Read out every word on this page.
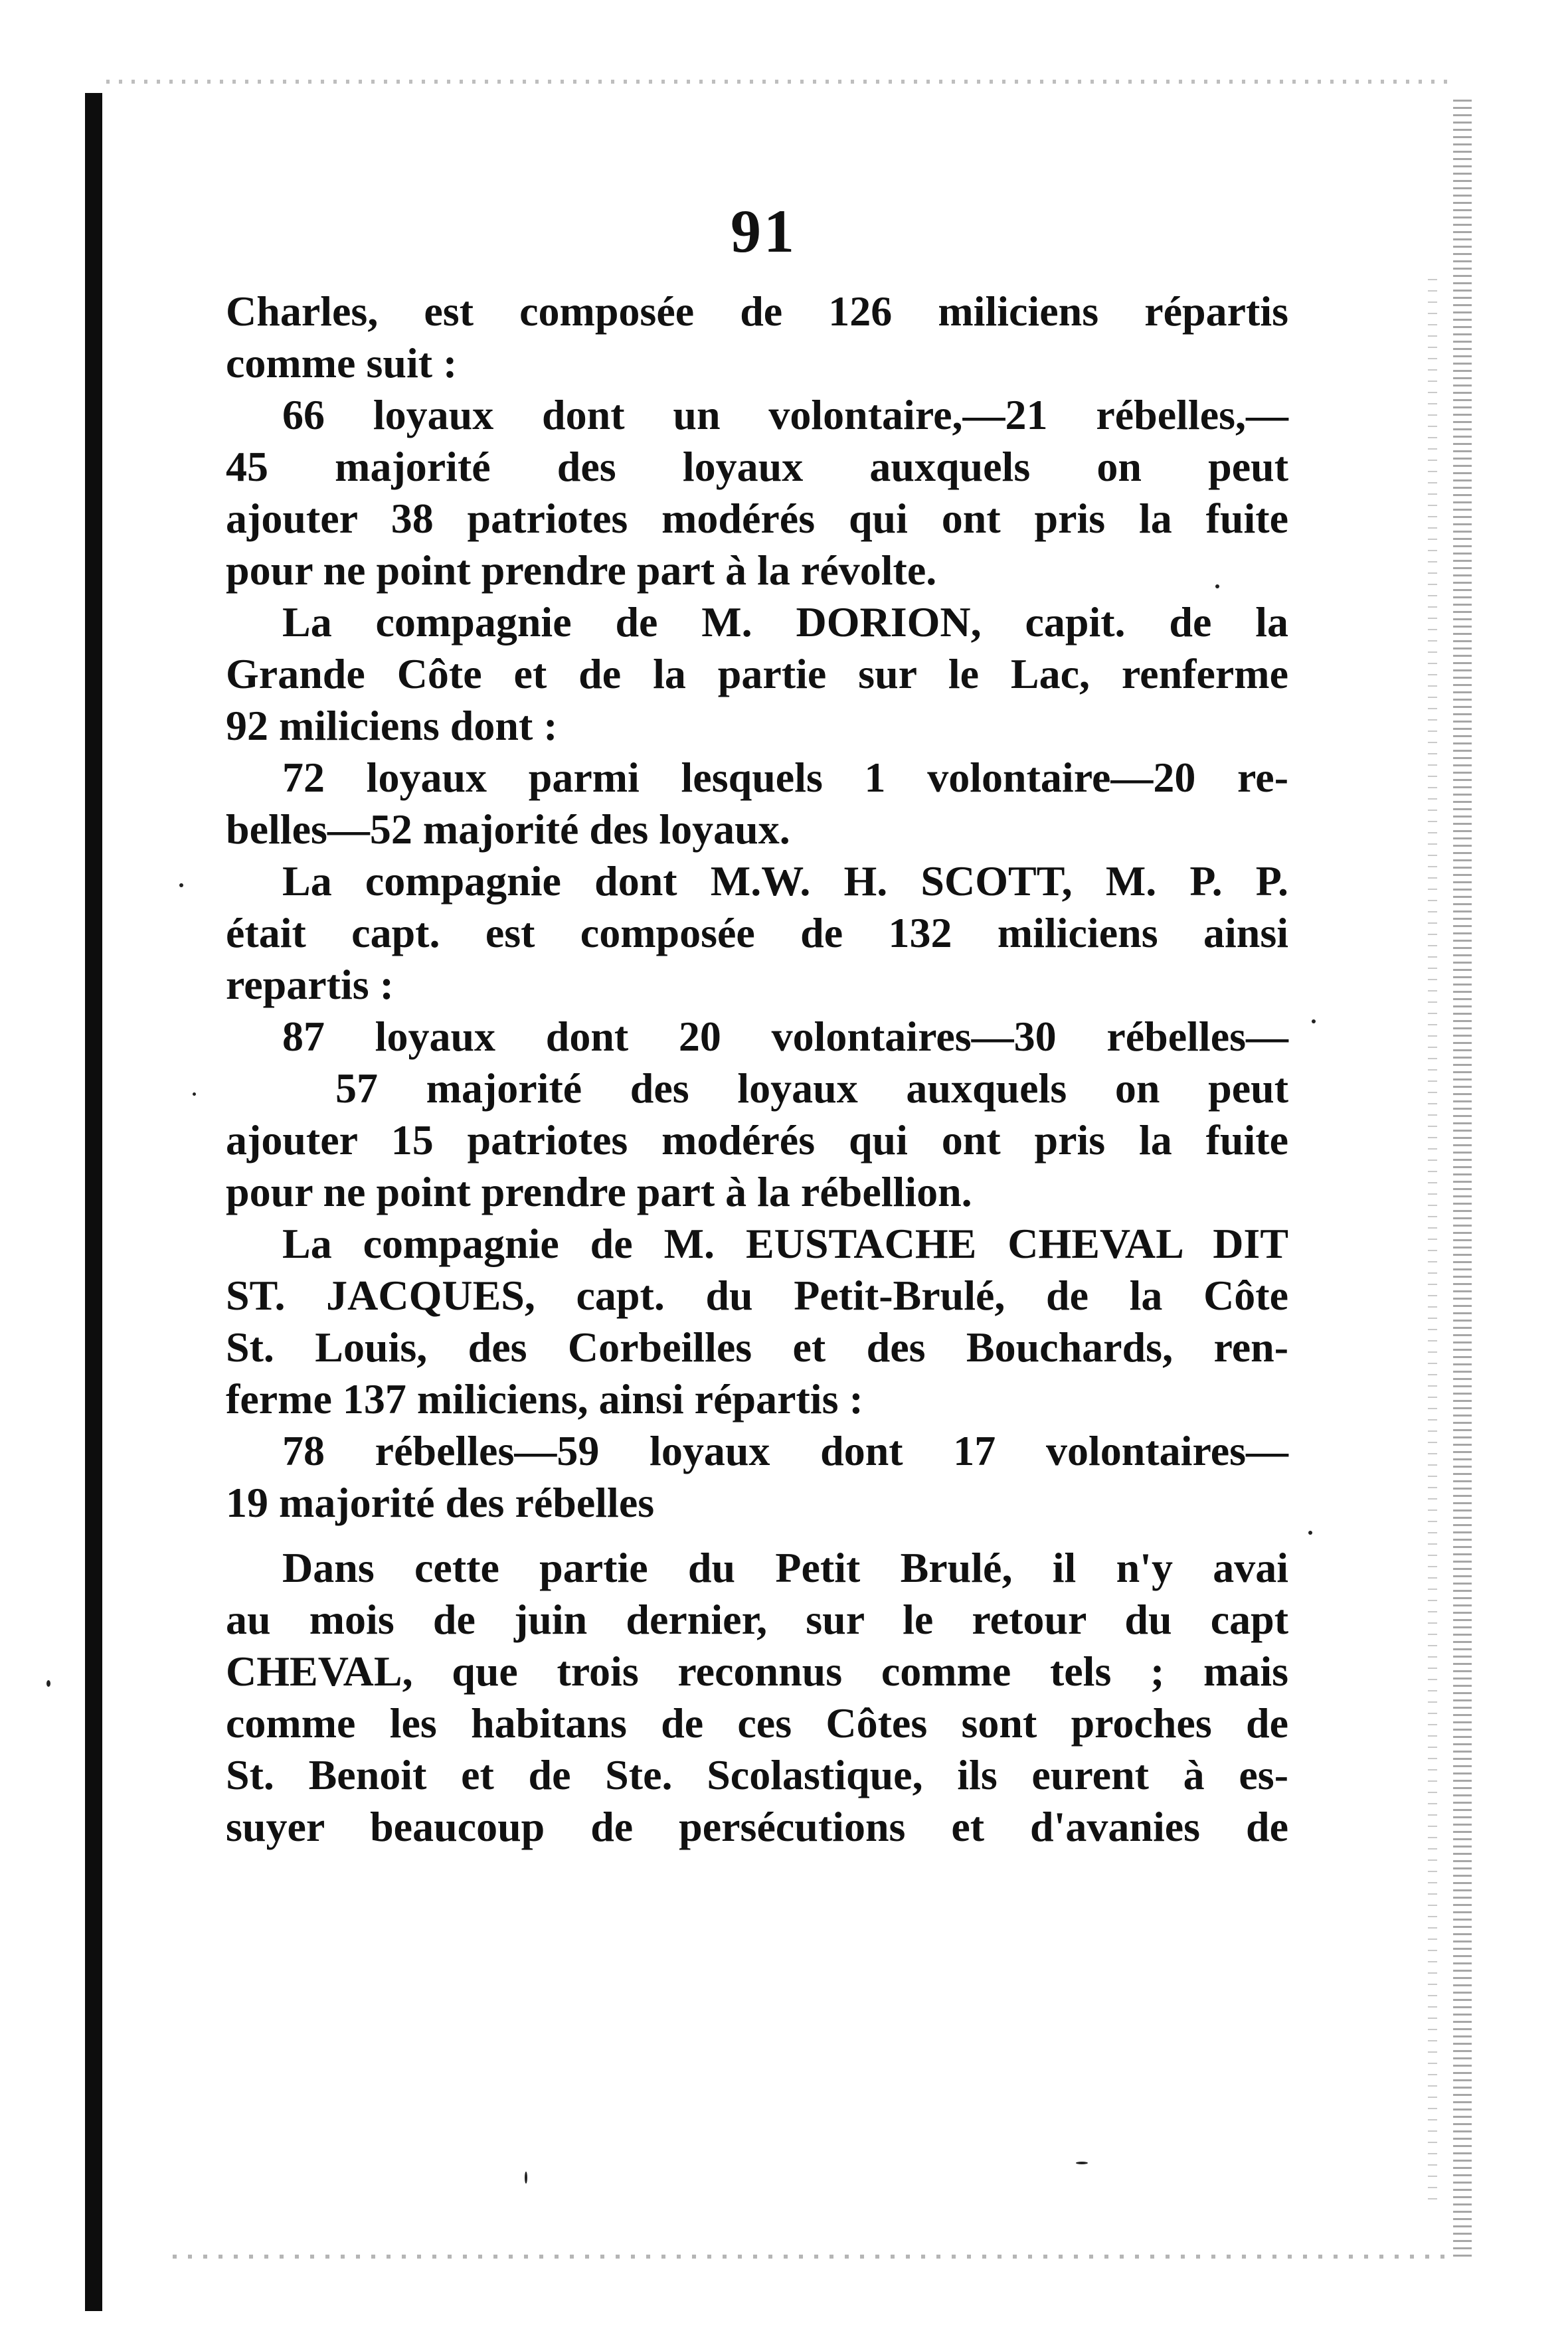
91
Charles, est composée de 126 miliciens répartis
comme suit :
66 loyaux dont un volontaire,—21 rébelles,—
45 majorité des loyaux auxquels on peut
ajouter 38 patriotes modérés qui ont pris la fuite
pour ne point prendre part à la révolte.
La compagnie de M. DORION, capit. de la
Grande Côte et de la partie sur le Lac, renferme
92 miliciens dont :
72 loyaux parmi lesquels 1 volontaire—20 re-
belles—52 majorité des loyaux.
La compagnie dont M.W. H. SCOTT, M. P. P.
était capt. est composée de 132 miliciens ainsi
repartis :
87 loyaux dont 20 volontaires—30 rébelles—
57 majorité des loyaux auxquels on peut
ajouter 15 patriotes modérés qui ont pris la fuite
pour ne point prendre part à la rébellion.
La compagnie de M. EUSTACHE CHEVAL DIT
ST. JACQUES, capt. du Petit-Brulé, de la Côte
St. Louis, des Corbeilles et des Bouchards, ren-
ferme 137 miliciens, ainsi répartis :
78 rébelles—59 loyaux dont 17 volontaires—
19 majorité des rébelles
Dans cette partie du Petit Brulé, il n'y avai
au mois de juin dernier, sur le retour du capt
CHEVAL, que trois reconnus comme tels ; mais
comme les habitans de ces Côtes sont proches de
St. Benoit et de Ste. Scolastique, ils eurent à es-
suyer beaucoup de persécutions et d'avanies de
